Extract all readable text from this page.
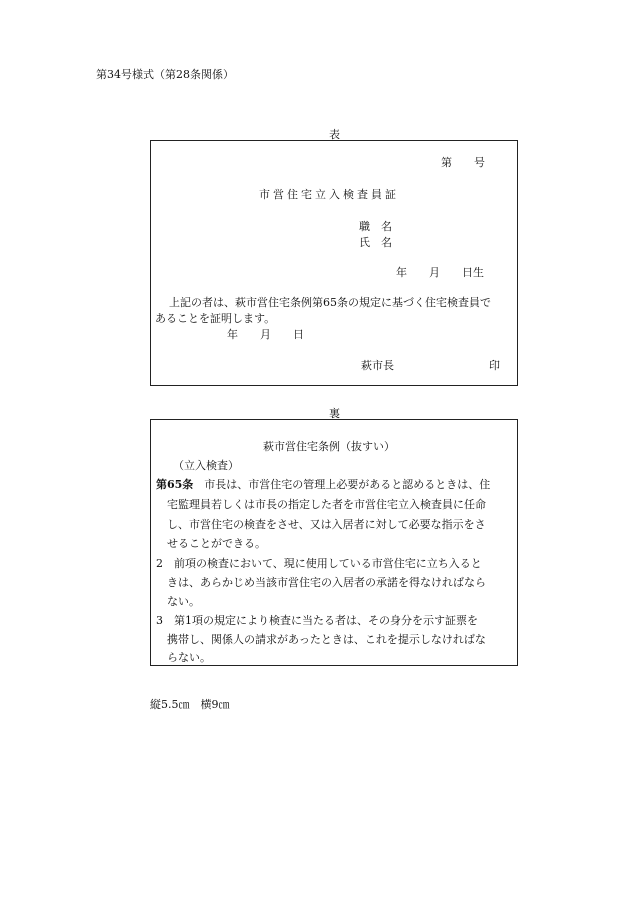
第34号様式（第28条関係）
表
第　　号
市営住宅立入検査員証
職　名
氏　名
年　　月　　日生
上記の者は、萩市営住宅条例第65条の規定に基づく住宅検査員で
あることを証明します。
年　　月　　日
萩市長	印
裏
萩市営住宅条例（抜すい）
（立入検査）
第65条　市長は、市営住宅の管理上必要があると認めるときは、住
宅監理員若しくは市長の指定した者を市営住宅立入検査員に任命
し、市営住宅の検査をさせ、又は入居者に対して必要な指示をさ
せることができる。
2　前項の検査において、現に使用している市営住宅に立ち入ると
きは、あらかじめ当該市営住宅の入居者の承諾を得なければなら
ない。
3　第1項の規定により検査に当たる者は、その身分を示す証票を
携帯し、関係人の請求があったときは、これを提示しなければな
らない。
縦5.5㎝　横9㎝
